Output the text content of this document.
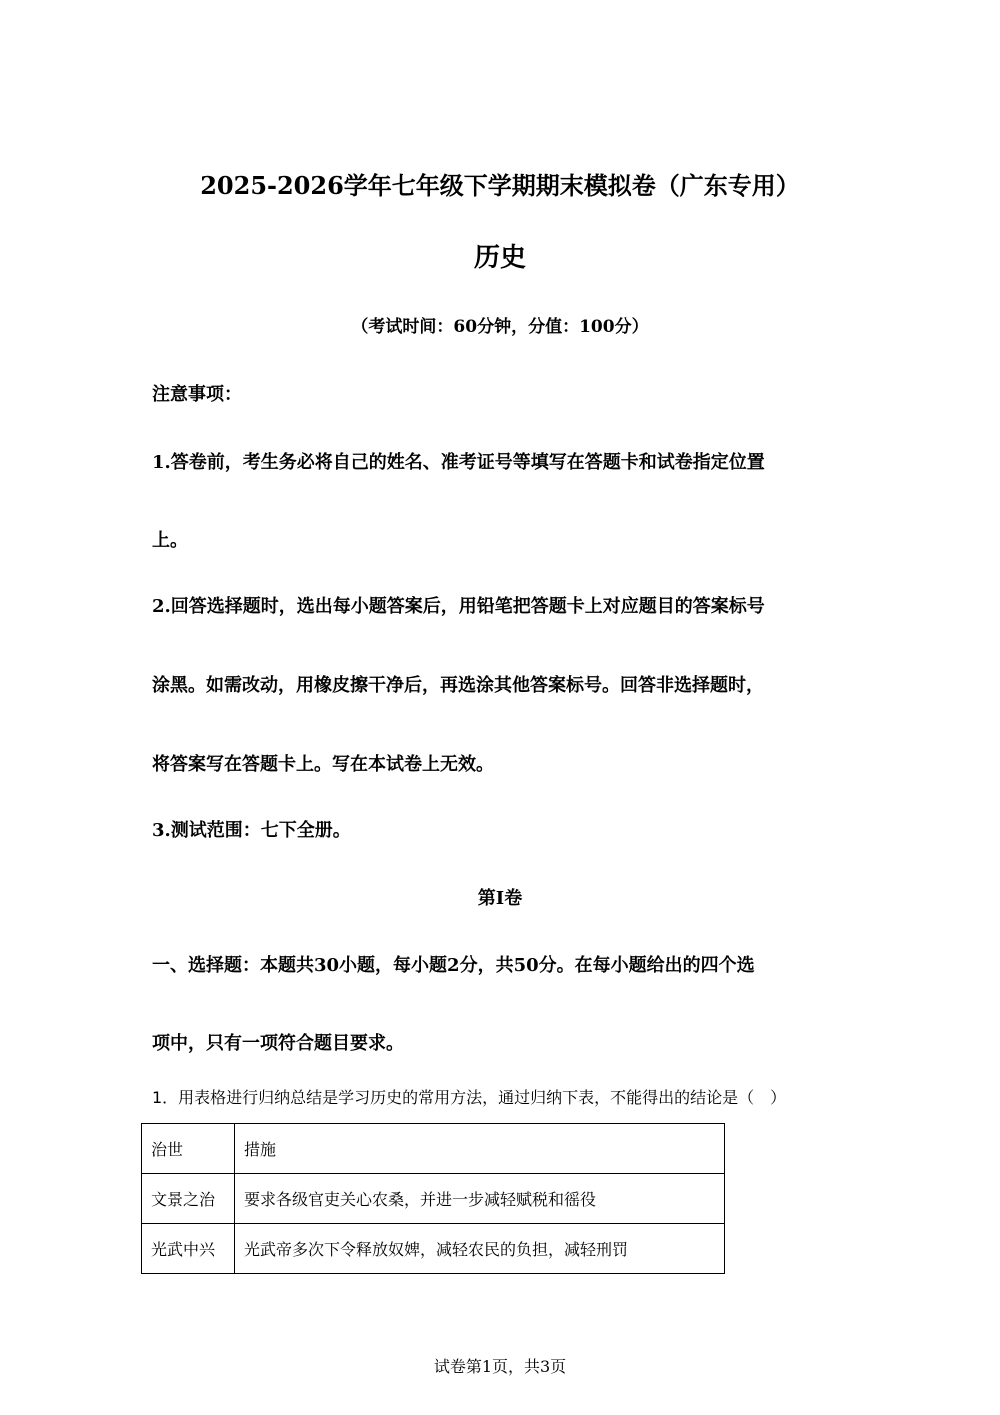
2025-2026学年七年级下学期期末模拟卷（广东专用）
历史
（考试时间：60分钟，分值：100分）
注意事项：
1.答卷前，考生务必将自己的姓名、准考证号等填写在答题卡和试卷指定位置
上。
2.回答选择题时，选出每小题答案后，用铅笔把答题卡上对应题目的答案标号
涂黑。如需改动，用橡皮擦干净后，再选涂其他答案标号。回答非选择题时，
将答案写在答题卡上。写在本试卷上无效。
3.测试范围：七下全册。
第Ⅰ卷
一、选择题：本题共30小题，每小题2分，共50分。在每小题给出的四个选
项中，只有一项符合题目要求。
1．用表格进行归纳总结是学习历史的常用方法，通过归纳下表，不能得出的结论是（　）
治世	措施
文景之治	要求各级官吏关心农桑，并进一步减轻赋税和徭役
光武中兴	光武帝多次下令释放奴婢，减轻农民的负担，减轻刑罚
试卷第1页，共3页
